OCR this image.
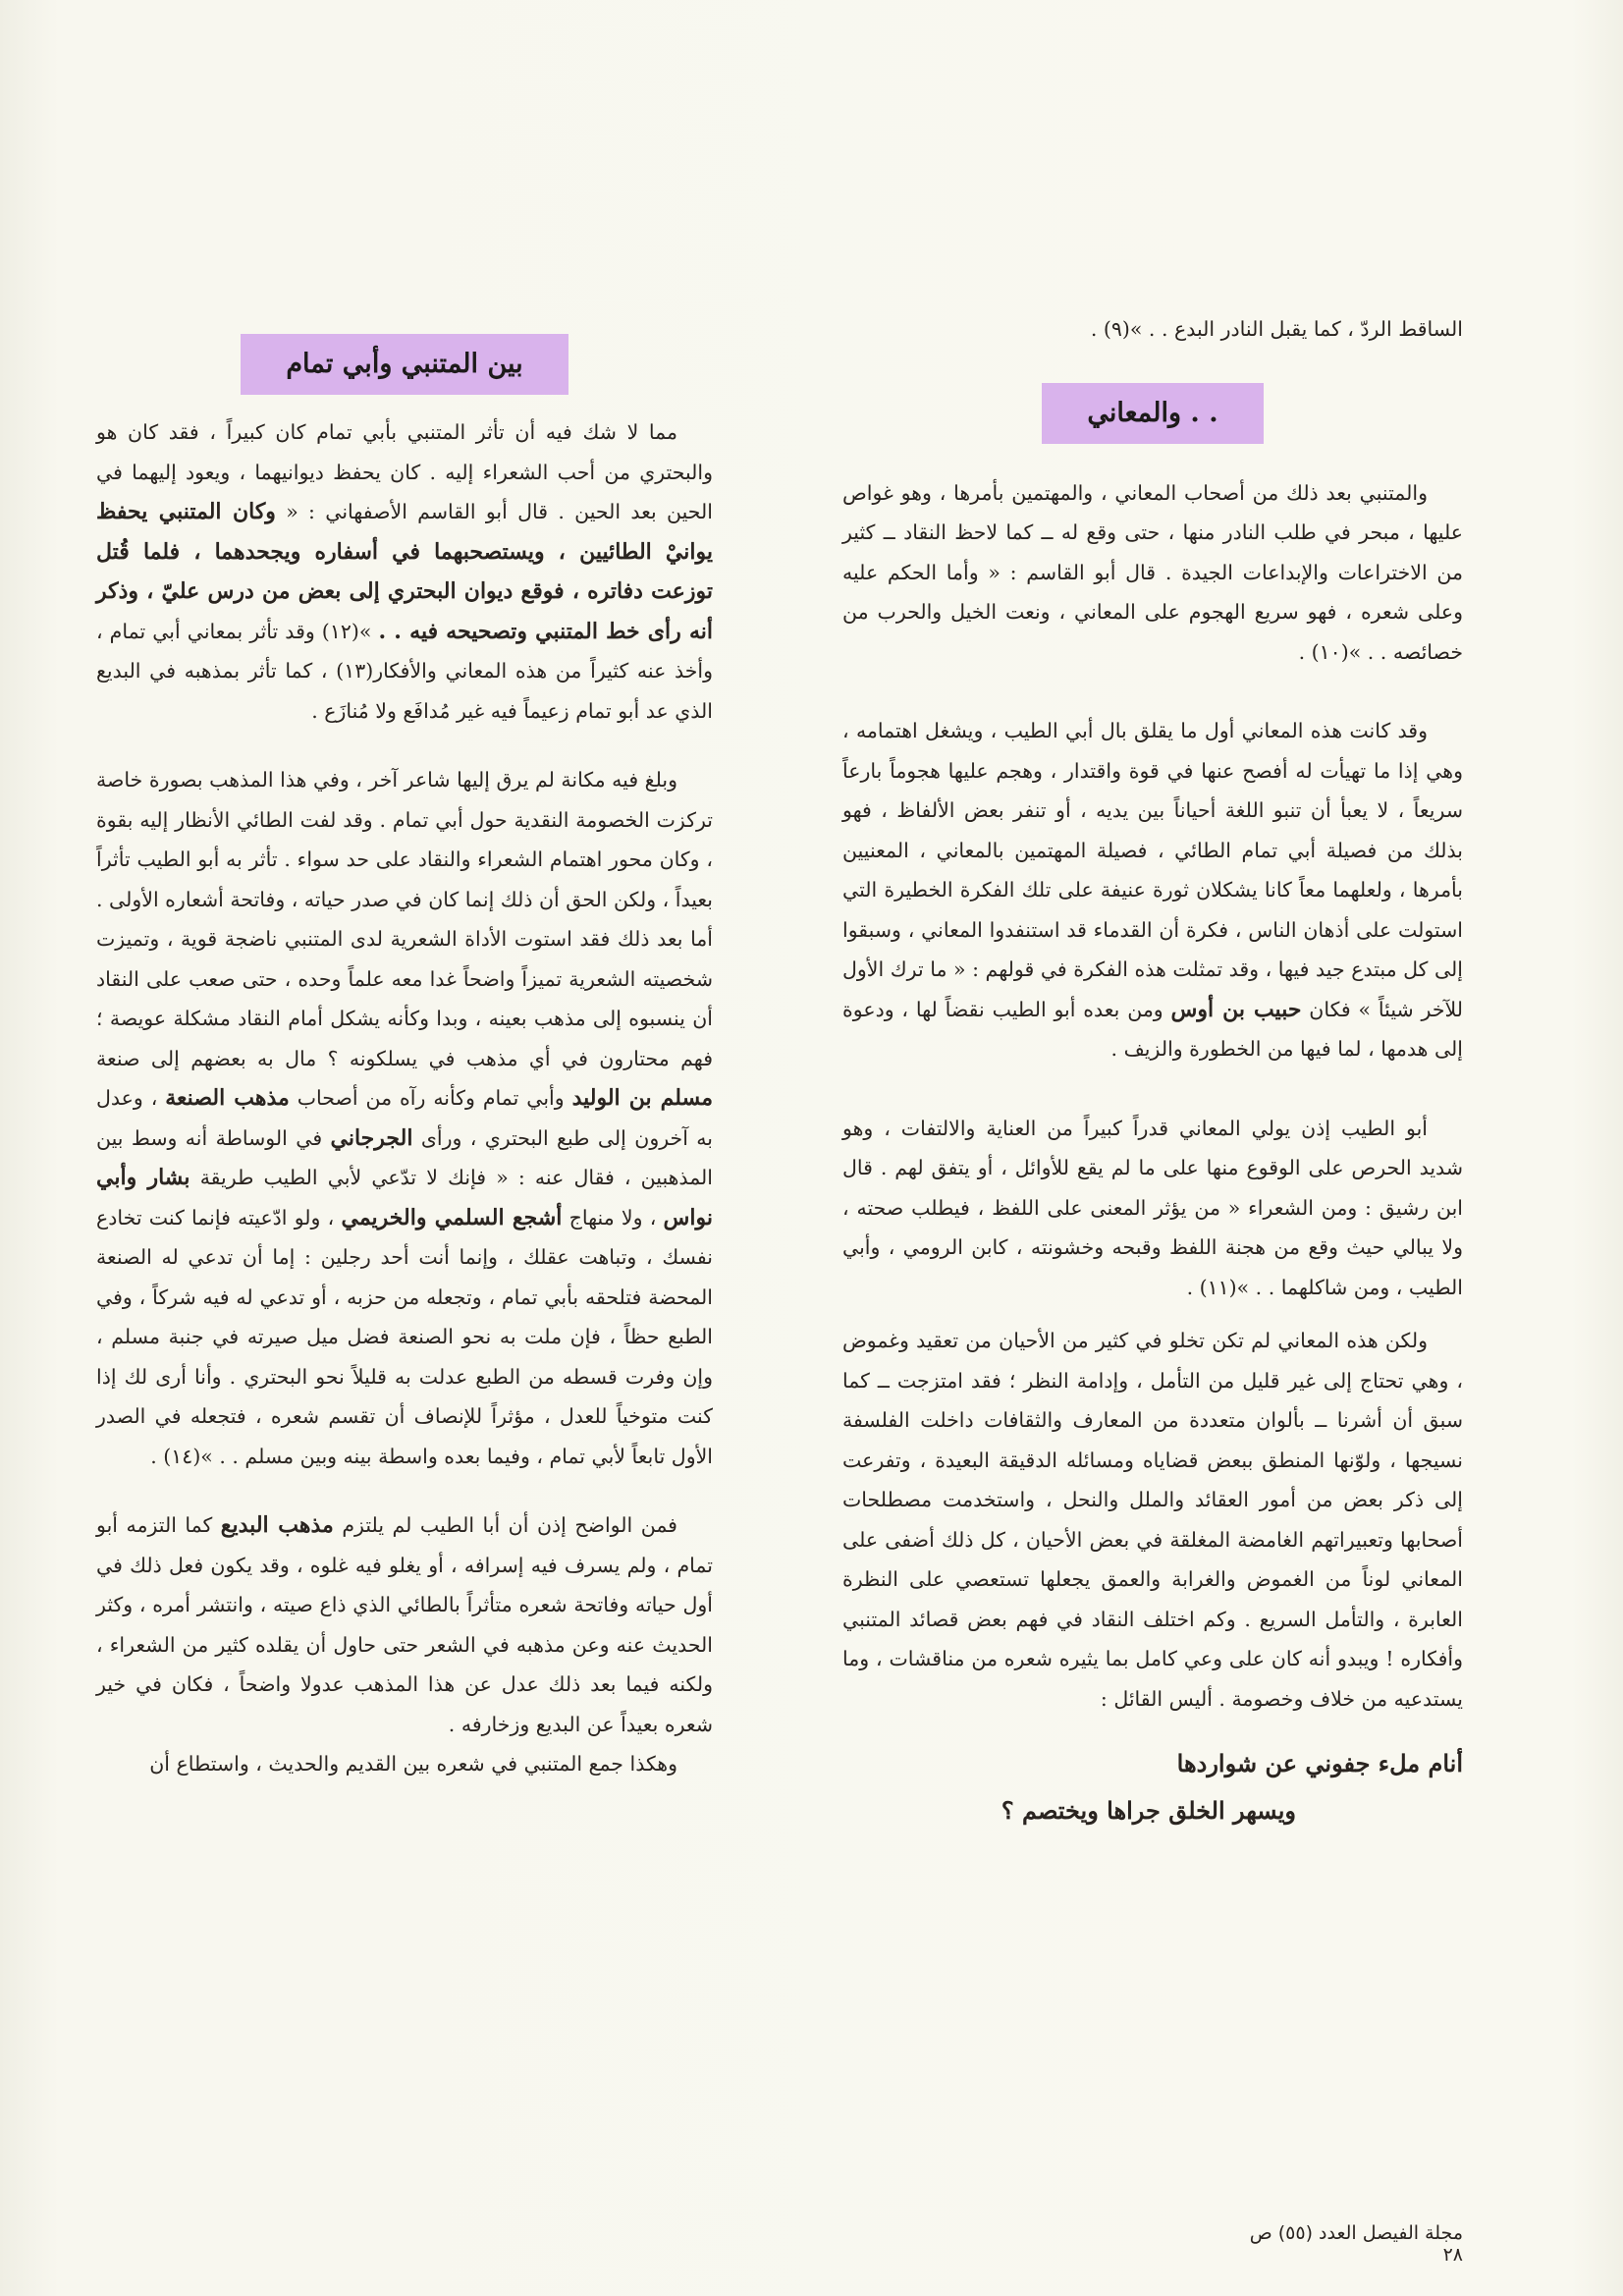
الساقط الردّ ، كما يقبل النادر البدع . . »(٩) .

. . والمعاني

والمتنبي بعد ذلك من أصحاب المعاني ، والمهتمين بأمرها ، وهو غواص عليها ، مبحر في طلب النادر منها ، حتى وقع له ــ كما لاحظ النقاد ــ كثير من الاختراعات والإبداعات الجيدة . قال أبو القاسم : « وأما الحكم عليه وعلى شعره ، فهو سريع الهجوم على المعاني ، ونعت الخيل والحرب من خصائصه . . »(١٠) .

وقد كانت هذه المعاني أول ما يقلق بال أبي الطيب ، ويشغل اهتمامه ، وهي إذا ما تهيأت له أفصح عنها في قوة واقتدار ، وهجم عليها هجوماً بارعاً سريعاً ، لا يعبأ أن تنبو اللغة أحياناً بين يديه ، أو تنفر بعض الألفاظ ، فهو بذلك من فصيلة أبي تمام الطائي ، فصيلة المهتمين بالمعاني ، المعنيين بأمرها ، ولعلهما معاً كانا يشكلان ثورة عنيفة على تلك الفكرة الخطيرة التي استولت على أذهان الناس ، فكرة أن القدماء قد استنفدوا المعاني ، وسبقوا إلى كل مبتدع جيد فيها ، وقد تمثلت هذه الفكرة في قولهم : « ما ترك الأول للآخر شيئاً » فكان حبيب بن أوس ومن بعده أبو الطيب نقضاً لها ، ودعوة إلى هدمها ، لما فيها من الخطورة والزيف .

أبو الطيب إذن يولي المعاني قدراً كبيراً من العناية والالتفات ، وهو شديد الحرص على الوقوع منها على ما لم يقع للأوائل ، أو يتفق لهم . قال ابن رشيق : ومن الشعراء « من يؤثر المعنى على اللفظ ، فيطلب صحته ، ولا يبالي حيث وقع من هجنة اللفظ وقبحه وخشونته ، كابن الرومي ، وأبي الطيب ، ومن شاكلهما . . »(١١) .

ولكن هذه المعاني لم تكن تخلو في كثير من الأحيان من تعقيد وغموض ، وهي تحتاج إلى غير قليل من التأمل ، وإدامة النظر ؛ فقد امتزجت ــ كما سبق أن أشرنا ــ بألوان متعددة من المعارف والثقافات داخلت الفلسفة نسيجها ، ولوّنها المنطق ببعض قضاياه ومسائله الدقيقة البعيدة ، وتفرعت إلى ذكر بعض من أمور العقائد والملل والنحل ، واستخدمت مصطلحات أصحابها وتعبيراتهم الغامضة المغلقة في بعض الأحيان ، كل ذلك أضفى على المعاني لوناً من الغموض والغرابة والعمق يجعلها تستعصي على النظرة العابرة ، والتأمل السريع . وكم اختلف النقاد في فهم بعض قصائد المتنبي وأفكاره ! ويبدو أنه كان على وعي كامل بما يثيره شعره من مناقشات ، وما يستدعيه من خلاف وخصومة . أليس القائل :

أنام ملء جفوني عن شواردها

ويسهر الخلق جراها ويختصم ؟

بين المتنبي وأبي تمام

مما لا شك فيه أن تأثر المتنبي بأبي تمام كان كبيراً ، فقد كان هو والبحتري من أحب الشعراء إليه . كان يحفظ ديوانيهما ، ويعود إليهما في الحين بعد الحين . قال أبو القاسم الأصفهاني : « وكان المتنبي يحفظ يوانيْ الطائيين ، ويستصحبهما في أسفاره ويجحدهما ، فلما قُتل توزعت دفاتره ، فوقع ديوان البحتري إلى بعض من درس عليّ ، وذكر أنه رأى خط المتنبي وتصحيحه فيه . . »(١٢) وقد تأثر بمعاني أبي تمام ، وأخذ عنه كثيراً من هذه المعاني والأفكار(١٣) ، كما تأثر بمذهبه في البديع الذي عد أبو تمام زعيماً فيه غير مُدافَع ولا مُنازَع .

وبلغ فيه مكانة لم يرق إليها شاعر آخر ، وفي هذا المذهب بصورة خاصة تركزت الخصومة النقدية حول أبي تمام . وقد لفت الطائي الأنظار إليه بقوة ، وكان محور اهتمام الشعراء والنقاد على حد سواء . تأثر به أبو الطيب تأثراً بعيداً ، ولكن الحق أن ذلك إنما كان في صدر حياته ، وفاتحة أشعاره الأولى . أما بعد ذلك فقد استوت الأداة الشعرية لدى المتنبي ناضجة قوية ، وتميزت شخصيته الشعرية تميزاً واضحاً غدا معه علماً وحده ، حتى صعب على النقاد أن ينسبوه إلى مذهب بعينه ، وبدا وكأنه يشكل أمام النقاد مشكلة عويصة ؛ فهم محتارون في أي مذهب في يسلكونه ؟ مال به بعضهم إلى صنعة مسلم بن الوليد وأبي تمام وكأنه رآه من أصحاب مذهب الصنعة ، وعدل به آخرون إلى طبع البحتري ، ورأى الجرجاني في الوساطة أنه وسط بين المذهبين ، فقال عنه : « فإنك لا تدّعي لأبي الطيب طريقة بشار وأبي نواس ، ولا منهاج أشجع السلمي والخريمي ، ولو ادّعيته فإنما كنت تخادع نفسك ، وتباهت عقلك ، وإنما أنت أحد رجلين : إما أن تدعي له الصنعة المحضة فتلحقه بأبي تمام ، وتجعله من حزبه ، أو تدعي له فيه شركاً ، وفي الطبع حظاً ، فإن ملت به نحو الصنعة فضل ميل صيرته في جنبة مسلم ، وإن وفرت قسطه من الطبع عدلت به قليلاً نحو البحتري . وأنا أرى لك إذا كنت متوخياً للعدل ، مؤثراً للإنصاف أن تقسم شعره ، فتجعله في الصدر الأول تابعاً لأبي تمام ، وفيما بعده واسطة بينه وبين مسلم . . »(١٤) .

فمن الواضح إذن أن أبا الطيب لم يلتزم مذهب البديع كما التزمه أبو تمام ، ولم يسرف فيه إسرافه ، أو يغلو فيه غلوه ، وقد يكون فعل ذلك في أول حياته وفاتحة شعره متأثراً بالطائي الذي ذاع صيته ، وانتشر أمره ، وكثر الحديث عنه وعن مذهبه في الشعر حتى حاول أن يقلده كثير من الشعراء ، ولكنه فيما بعد ذلك عدل عن هذا المذهب عدولا واضحاً ، فكان في خير شعره بعيداً عن البديع وزخارفه .

وهكذا جمع المتنبي في شعره بين القديم والحديث ، واستطاع أن

مجلة الفيصل العدد (٥٥) ص ٢٨
